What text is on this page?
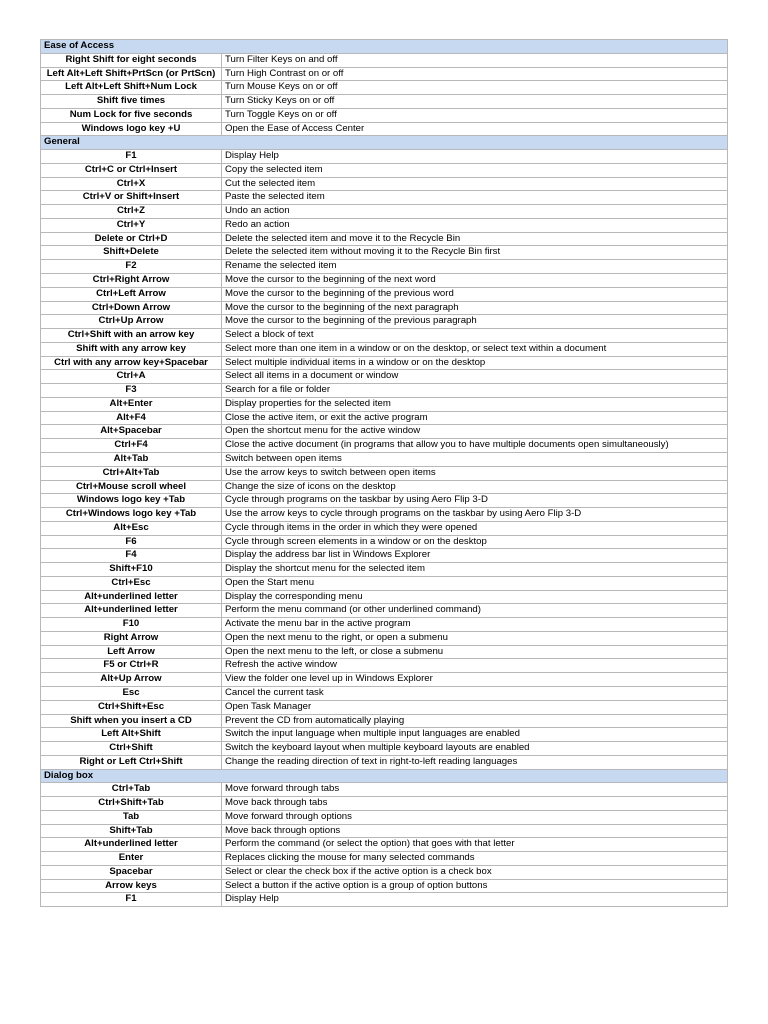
Ease of Access	
Right Shift for eight seconds	Turn Filter Keys on and off
Left Alt+Left Shift+PrtScn (or PrtScn)	Turn High Contrast on or off
Left Alt+Left Shift+Num Lock	Turn Mouse Keys on or off
Shift five times	Turn Sticky Keys on or off
Num Lock for five seconds	Turn Toggle Keys on or off
Windows logo key +U	Open the Ease of Access Center
General	
F1	Display Help
Ctrl+C or Ctrl+Insert	Copy the selected item
Ctrl+X	Cut the selected item
Ctrl+V or Shift+Insert	Paste the selected item
Ctrl+Z	Undo an action
Ctrl+Y	Redo an action
Delete or Ctrl+D	Delete the selected item and move it to the Recycle Bin
Shift+Delete	Delete the selected item without moving it to the Recycle Bin first
F2	Rename the selected item
Ctrl+Right Arrow	Move the cursor to the beginning of the next word
Ctrl+Left Arrow	Move the cursor to the beginning of the previous word
Ctrl+Down Arrow	Move the cursor to the beginning of the next paragraph
Ctrl+Up Arrow	Move the cursor to the beginning of the previous paragraph
Ctrl+Shift with an arrow key	Select a block of text
Shift with any arrow key	Select more than one item in a window or on the desktop, or select text within a document
Ctrl with any arrow key+Spacebar	Select multiple individual items in a window or on the desktop
Ctrl+A	Select all items in a document or window
F3	Search for a file or folder
Alt+Enter	Display properties for the selected item
Alt+F4	Close the active item, or exit the active program
Alt+Spacebar	Open the shortcut menu for the active window
Ctrl+F4	Close the active document (in programs that allow you to have multiple documents open simultaneously)
Alt+Tab	Switch between open items
Ctrl+Alt+Tab	Use the arrow keys to switch between open items
Ctrl+Mouse scroll wheel	Change the size of icons on the desktop
Windows logo key +Tab	Cycle through programs on the taskbar by using Aero Flip 3-D
Ctrl+Windows logo key +Tab	Use the arrow keys to cycle through programs on the taskbar by using Aero Flip 3-D
Alt+Esc	Cycle through items in the order in which they were opened
F6	Cycle through screen elements in a window or on the desktop
F4	Display the address bar list in Windows Explorer
Shift+F10	Display the shortcut menu for the selected item
Ctrl+Esc	Open the Start menu
Alt+underlined letter	Display the corresponding menu
Alt+underlined letter	Perform the menu command (or other underlined command)
F10	Activate the menu bar in the active program
Right Arrow	Open the next menu to the right, or open a submenu
Left Arrow	Open the next menu to the left, or close a submenu
F5 or Ctrl+R	Refresh the active window
Alt+Up Arrow	View the folder one level up in Windows Explorer
Esc	Cancel the current task
Ctrl+Shift+Esc	Open Task Manager
Shift when you insert a CD	Prevent the CD from automatically playing
Left Alt+Shift	Switch the input language when multiple input languages are enabled
Ctrl+Shift	Switch the keyboard layout when multiple keyboard layouts are enabled
Right or Left Ctrl+Shift	Change the reading direction of text in right-to-left reading languages
Dialog box	
Ctrl+Tab	Move forward through tabs
Ctrl+Shift+Tab	Move back through tabs
Tab	Move forward through options
Shift+Tab	Move back through options
Alt+underlined letter	Perform the command (or select the option) that goes with that letter
Enter	Replaces clicking the mouse for many selected commands
Spacebar	Select or clear the check box if the active option is a check box
Arrow keys	Select a button if the active option is a group of option buttons
F1	Display Help
